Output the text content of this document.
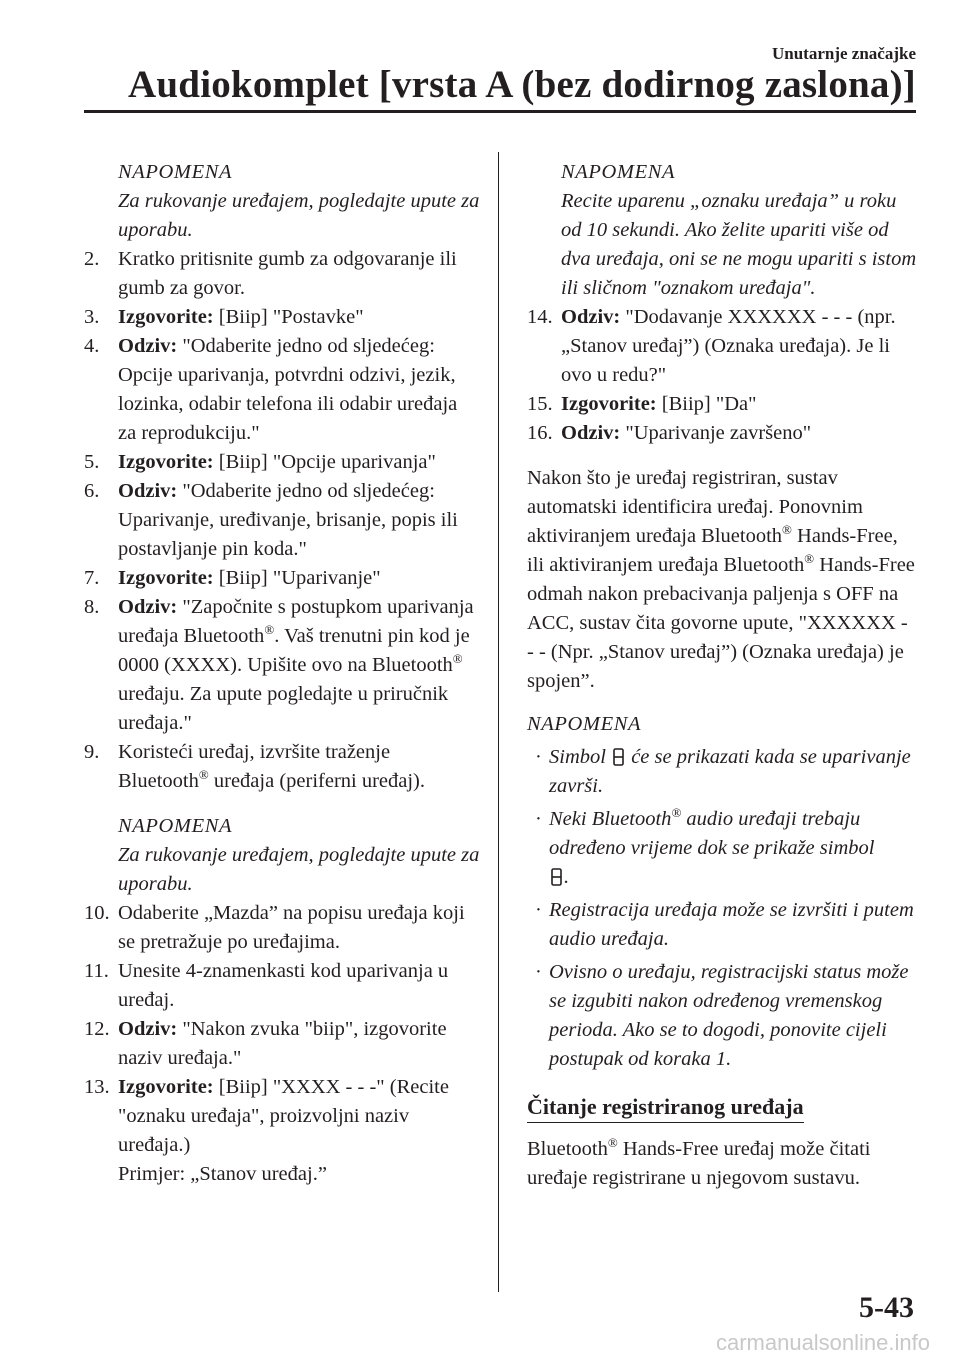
Unutarnje značajke
Audiokomplet [vrsta A (bez dodirnog zaslona)]
NAPOMENA
Za rukovanje uređajem, pogledajte upute za uporabu.
2. Kratko pritisnite gumb za odgovaranje ili gumb za govor.
3. Izgovorite: [Biip] "Postavke"
4. Odziv: "Odaberite jedno od sljedećeg: Opcije uparivanja, potvrdni odzivi, jezik, lozinka, odabir telefona ili odabir uređaja za reprodukciju."
5. Izgovorite: [Biip] "Opcije uparivanja"
6. Odziv: "Odaberite jedno od sljedećeg: Uparivanje, uređivanje, brisanje, popis ili postavljanje pin koda."
7. Izgovorite: [Biip] "Uparivanje"
8. Odziv: "Započnite s postupkom uparivanja uređaja Bluetooth®. Vaš trenutni pin kod je 0000 (XXXX). Upišite ovo na Bluetooth® uređaju. Za upute pogledajte u priručnik uređaja."
9. Koristeći uređaj, izvršite traženje Bluetooth® uređaja (periferni uređaj).
NAPOMENA
Za rukovanje uređajem, pogledajte upute za uporabu.
10. Odaberite „Mazda” na popisu uređaja koji se pretražuje po uređajima.
11. Unesite 4-znamenkasti kod uparivanja u uređaj.
12. Odziv: "Nakon zvuka "biip", izgovorite naziv uređaja."
13. Izgovorite: [Biip] "XXXX - - -" (Recite "oznaku uređaja", proizvoljni naziv uređaja.)
Primjer: „Stanov uređaj.”
NAPOMENA
Recite uparenu „oznaku uređaja” u roku od 10 sekundi. Ako želite upariti više od dva uređaja, oni se ne mogu upariti s istom ili sličnom "oznakom uređaja".
14. Odziv: "Dodavanje XXXXXX - - - (npr. „Stanov uređaj”) (Oznaka uređaja). Je li ovo u redu?"
15. Izgovorite: [Biip] "Da"
16. Odziv: "Uparivanje završeno"
Nakon što je uređaj registriran, sustav automatski identificira uređaj. Ponovnim aktiviranjem uređaja Bluetooth® Hands-Free, ili aktiviranjem uređaja Bluetooth® Hands-Free odmah nakon prebacivanja paljenja s OFF na ACC, sustav čita govorne upute, "XXXXXX - - - (Npr. „Stanov uređaj”) (Oznaka uređaja) je spojen”.
NAPOMENA
· Simbol  će se prikazati kada se uparivanje završi.
· Neki Bluetooth® audio uređaji trebaju određeno vrijeme dok se prikaže simbol
.
· Registracija uređaja može se izvršiti i putem audio uređaja.
· Ovisno o uređaju, registracijski status može se izgubiti nakon određenog vremenskog perioda. Ako se to dogodi, ponovite cijeli postupak od koraka 1.
Čitanje registriranog uređaja
Bluetooth® Hands-Free uređaj može čitati uređaje registrirane u njegovom sustavu.
5-43
carmanualsonline.info
